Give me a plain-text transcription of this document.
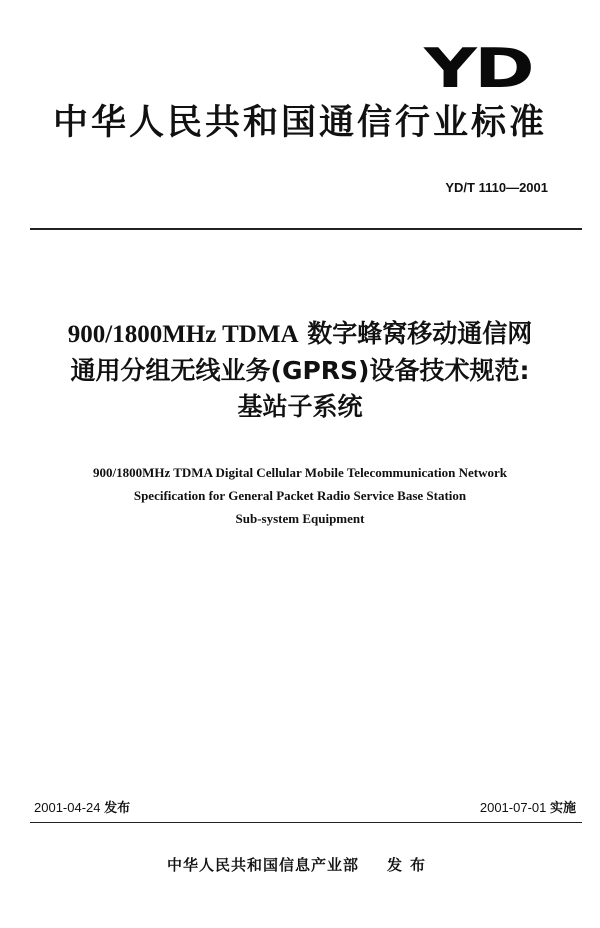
YD
中华人民共和国通信行业标准
YD/T 1110—2001
900/1800MHz TDMA 数字蜂窝移动通信网
通用分组无线业务(GPRS)设备技术规范:
基站子系统
900/1800MHz TDMA Digital Cellular Mobile Telecommunication Network
Specification for General Packet Radio Service Base Station
Sub-system Equipment
2001-04-24 发布	2001-07-01 实施
中华人民共和国信息产业部 发布
